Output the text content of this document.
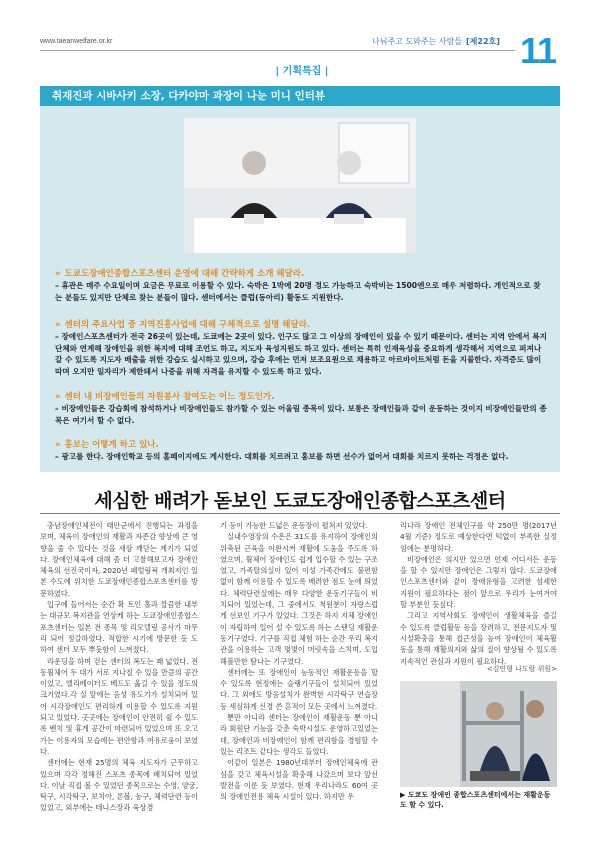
www.taeanwelfare.or.kr	나눠주고 도와주는 사람들 [제22호] 11
| 기획특집 |
취재진과 시바사키 소장, 다카야마 과장이 나눈 미니 인터뷰
» 도쿄도장애인종합스포츠센터 운영에 대해 간략하게 소개 해달라.
– 휴관은 매주 수요일이며 요금은 무료로 이용할 수 있다. 숙박은 1박에 20명 정도 가능하고 숙박비는 1500엔으로 매우 저렴하다. 개인적으로 찾는 분들도 있지만 단체로 찾는 분들이 많다. 센터에서는 클럽(동아리) 활동도 지원한다.
» 센터의 주요사업 중 지역진흥사업에 대해 구체적으로 설명 해달라.
– 장애인스포츠센터가 전국 26곳이 있는데, 도쿄에는 2곳이 있다. 인구도 많고 그 이상의 장애인이 있을 수 있기 때문이다. 센터는 지역 안에서 복지단체와 연계해 장애인을 위한 복지에 대해 조언도 하고, 지도자 육성지원도 하고 있다. 센터는 특히 인재육성을 중요하게 생각해서 지역으로 퍼져나갈 수 있도록 지도자 배출을 위한 강습도 실시하고 있으며, 강습 후에는 먼저 보조요원으로 채용하고 아르바이트처럼 돈을 지불한다. 자격증도 많이 따며 오지만 일자리가 제한돼서 나중을 위해 자격을 유지할 수 있도록 하고 있다.
» 센터 내 비장애인들의 자원봉사 참여도는 어느 정도인가.
– 비장애인들은 강습회에 참석하거나 비장애인들도 참가할 수 있는 어울림 종목이 있다. 보통은 장애인들과 같이 운동하는 것이지 비장애인들만의 종목은 여기서 할 수 없다.
» 홍보는 어떻게 하고 있나.
– 광고를 한다. 장애인학교 등의 홈페이지에도 게시한다. 대회를 치르려고 홍보를 하면 선수가 없어서 대회를 치르지 못하는 걱정은 없다.
세심한 배려가 돋보인 도쿄도장애인종합스포츠센터

충남장애인체전이 태안군에서 진행되는 과정을 보며, 체육이 장애인의 재활과 자존감 향상에 큰 영향을 줄 수 있다는 것을 새삼 깨닫는 계기가 되었다. 장애인체육에 대해 좀 더 고찰해보고자 장애인체육의 선진국이자, 2020년 패럴림픽 개최지인 일본 수도에 위치한 도쿄장애인종합스포츠센터를 방문하였다.

입구에 들어서는 순간 확 트인 홀과 깔끔한 내부는 대규모 복지관을 연상케 하는 도쿄장애인종합스포츠센터는 일본 전 종목 및 리모델링 공사가 마무리 되어 정갈하였다. 적합한 시기에 방문한 듯 도 하여 센터 모두 뿌듯함이 느껴졌다.

라운딩을 하며 걷는 센터의 복도는 꽤 넓었다. 전동휠체어 두 대가 서로 지나칠 수 있을 만큼의 공간이었고, 엘리베이터도 베드도 옮길 수 있을 정도의 크기였다.각 실 앞에는 음성 유도기가 설치되어 있어 시각장애인도 편리하게 이용할 수 있도록 지원되고 있었다. 곳곳에는 장애인이 안전히 쉴 수 있도록 벤치 및 휴게 공간이 마련되어 있었으며 또 오고가는 이용자의 모습에는 편안함과 여유로움이 보였다.

센터에는 현재 25명의 체육 지도자가 근무하고 있으며 각각 정해진 스포츠 종목에 배치되어 있었다. 이날 직접 볼 수 있었던 종목으로는 수영, 양궁, 탁구, 시각탁구, 보치아, 론볼, 농구, 체력단련 등이 있었고, 외부에는 테니스장과 육상경

기 등이 가능한 드넓은 운동장이 펼쳐져 있었다.

실내수영장의 수온은 31도를 유지하여 장애인의 위축된 근육을 이완시켜 재활에 도움을 주도록 하였으며, 휠체어 장애인도 쉽게 입수할 수 있는 구조였고, 가족탈의실이 있어 이성 가족간에도 불편함 없이 함께 이용할 수 있도록 배려한 점도 눈에 띄었다. 체력단련실에는 매우 다양한 운동기구들이 비치되어 있었는데, 그 중에서도 척원분이 자랑스럽게 선보인 기구가 있었다. 그것은 하지 지체 장애인이 자립하여 일어 설 수 있도록 하는 스탠딩 재활운동기구였다. 기구를 직접 체험 하는 순간 우리 복지관을 이용하는 고객 몇몇이 머릿속을 스치며, 도입해볼만한 탐나는 기구였다.

센터에는 또 장애인이 능동적인 재활운동을 할 수 있도록 현정에는 슬랭기구들이 설치되어 있었다. 그 외에도 방음설치가 완벽한 시각탁구 연습장 등 세심하게 신경 쓴 흔적이 모든 곳에서 느껴졌다.

뿐만 아니라 센터는 장애인이 재활운동 뿐 아니라 회원단 기능을 갖춘 숙박시설도 운영하고있었는데, 장애인과 비장애인이 함께 편리함을 경험할 수 있는 리조트 같다는 생각도 들었다.

이같이 일본은 1980년대부터 장애인체육에 관심을 갖고 체육시설을 확충해 나갔으며 보다 앞선 발전을 이룬 듯 보였다. 현재 우리나라도 60여 곳의 장애인전용 체육 시설이 있다. 하지만 우

리나라 장애인 전체인구를 약 250만 명(2017년 4월 기준) 정도로 예상한다면 턱없이 부족한 실정임에는 분명하다.

비장애인은 의지만 있으면 언제 어디서든 운동을 할 수 있지만 장애인은 그렇지 않다. 도쿄장애인스포츠센터와 같이 장애유형을 고려한 섬세한 지원이 필요하다는 점이 앞으로 우리가 눈여겨야 할 부분인 듯싶다.

그리고 지역사회도 장애인이 생활체육을 즐길 수 있도록 클럽활동 등을 장려하고, 전문지도자 및 시설확충을 통해 접근성을 높여 장애인이 체육활동을 통해 재활의지와 삶의 질이 향상될 수 있도록 지속적인 관심과 지원이 필요하다.

<김민형 나도람 위원>
▶ 도쿄도 장애인 종합스포츠센터에서는 재활운동도 할 수 있다.
